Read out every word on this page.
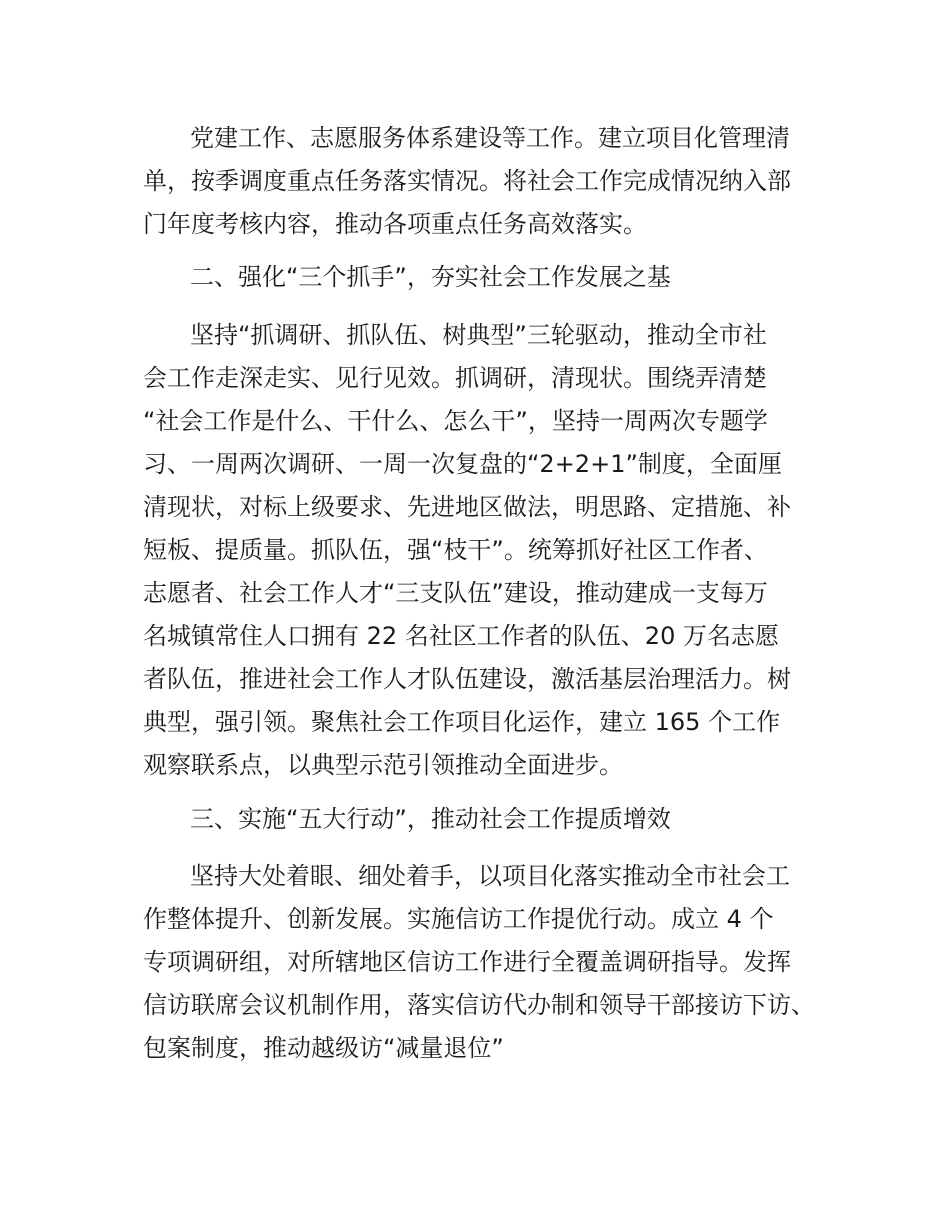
党建工作、志愿服务体系建设等工作。建立项目化管理清
单，按季调度重点任务落实情况。将社会工作完成情况纳入部
门年度考核内容，推动各项重点任务高效落实。
二、强化“三个抓手”，夯实社会工作发展之基
坚持“抓调研、抓队伍、树典型”三轮驱动，推动全市社
会工作走深走实、见行见效。抓调研，清现状。围绕弄清楚
“社会工作是什么、干什么、怎么干”，坚持一周两次专题学
习、一周两次调研、一周一次复盘的“2+2+1”制度，全面厘
清现状，对标上级要求、先进地区做法，明思路、定措施、补
短板、提质量。抓队伍，强“枝干”。统筹抓好社区工作者、
志愿者、社会工作人才“三支队伍”建设，推动建成一支每万
名城镇常住人口拥有 22 名社区工作者的队伍、20 万名志愿
者队伍，推进社会工作人才队伍建设，激活基层治理活力。树
典型，强引领。聚焦社会工作项目化运作，建立 165 个工作
观察联系点，以典型示范引领推动全面进步。
三、实施“五大行动”，推动社会工作提质增效
坚持大处着眼、细处着手，以项目化落实推动全市社会工
作整体提升、创新发展。实施信访工作提优行动。成立 4 个
专项调研组，对所辖地区信访工作进行全覆盖调研指导。发挥
信访联席会议机制作用，落实信访代办制和领导干部接访下访、
包案制度，推动越级访“减量退位”
